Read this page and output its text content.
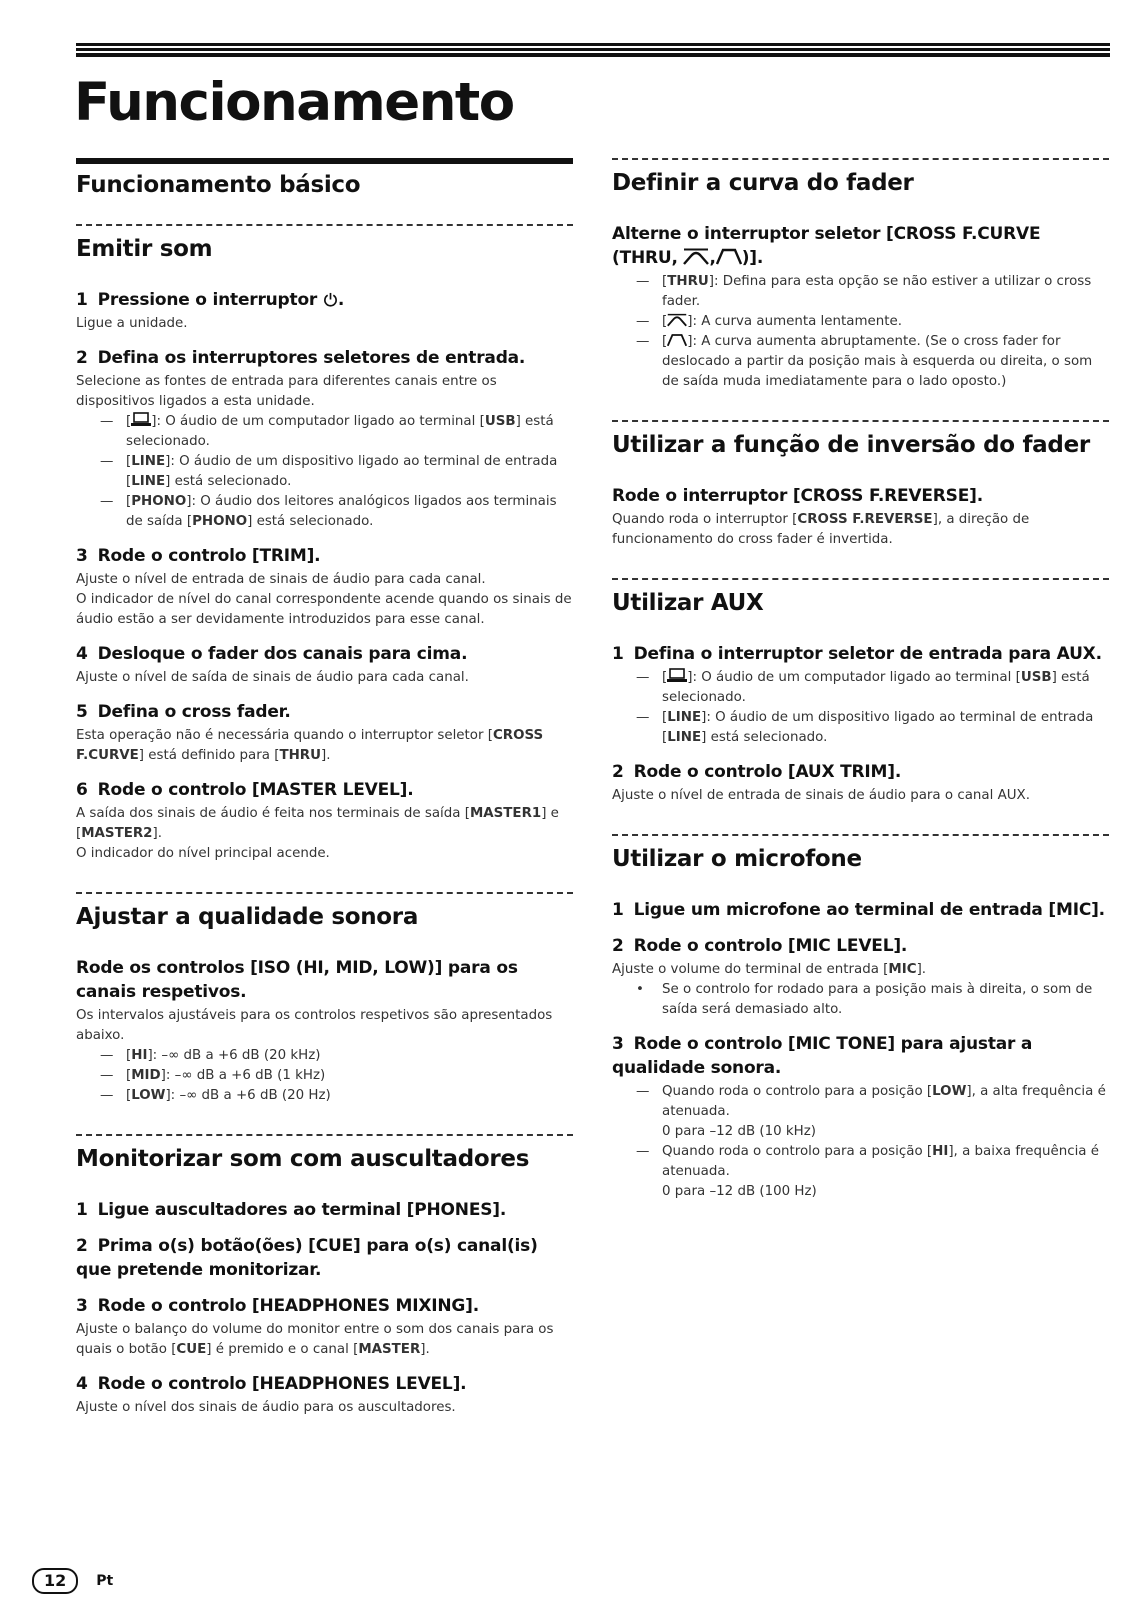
Funcionamento
Funcionamento básico
Emitir som
1 Pressione o interruptor .

Ligue a unidade.

2 Defina os interruptores seletores de entrada.

Selecione as fontes de entrada para diferentes canais entre os dispositivos ligados a esta unidade.

— [ ]: O áudio de um computador ligado ao terminal [USB] está selecionado.
— [LINE]: O áudio de um dispositivo ligado ao terminal de entrada [LINE] está selecionado.
— [PHONO]: O áudio dos leitores analógicos ligados aos terminais de saída [PHONO] está selecionado.
3 Rode o controlo [TRIM].

Ajuste o nível de entrada de sinais de áudio para cada canal.

O indicador de nível do canal correspondente acende quando os sinais de áudio estão a ser devidamente introduzidos para esse canal.

4 Desloque o fader dos canais para cima.

Ajuste o nível de saída de sinais de áudio para cada canal.

5 Defina o cross fader.

Esta operação não é necessária quando o interruptor seletor [CROSS F.CURVE] está definido para [THRU].

6 Rode o controlo [MASTER LEVEL].

A saída dos sinais de áudio é feita nos terminais de saída [MASTER1] e [MASTER2].

O indicador do nível principal acende.

Ajustar a qualidade sonora
Rode os controlos [ISO (HI, MID, LOW)] para os canais respetivos.

Os intervalos ajustáveis para os controlos respetivos são apresentados abaixo.

— [HI]: –∞ dB a +6 dB (20 kHz)
— [MID]: –∞ dB a +6 dB (1 kHz)
— [LOW]: –∞ dB a +6 dB (20 Hz)
Monitorizar som com auscultadores
1 Ligue auscultadores ao terminal [PHONES].
2 Prima o(s) botão(ões) [CUE] para o(s) canal(is) que pretende monitorizar.
3 Rode o controlo [HEADPHONES MIXING].

Ajuste o balanço do volume do monitor entre o som dos canais para os quais o botão [CUE] é premido e o canal [MASTER].

4 Rode o controlo [HEADPHONES LEVEL].

Ajuste o nível dos sinais de áudio para os auscultadores.

Definir a curva do fader
Alterne o interruptor seletor [CROSS F.CURVE (THRU, , )].
— [THRU]: Defina para esta opção se não estiver a utilizar o cross fader.
— [ ]: A curva aumenta lentamente.
— [ ]: A curva aumenta abruptamente. (Se o cross fader for deslocado a partir da posição mais à esquerda ou direita, o som de saída muda imediatamente para o lado oposto.)
Utilizar a função de inversão do fader
Rode o interruptor [CROSS F.REVERSE].

Quando roda o interruptor [CROSS F.REVERSE], a direção de funcionamento do cross fader é invertida.

Utilizar AUX
1 Defina o interruptor seletor de entrada para AUX.
— [ ]: O áudio de um computador ligado ao terminal [USB] está selecionado.
— [LINE]: O áudio de um dispositivo ligado ao terminal de entrada [LINE] está selecionado.
2 Rode o controlo [AUX TRIM].

Ajuste o nível de entrada de sinais de áudio para o canal AUX.

Utilizar o microfone
1 Ligue um microfone ao terminal de entrada [MIC].
2 Rode o controlo [MIC LEVEL].

Ajuste o volume do terminal de entrada [MIC].

• Se o controlo for rodado para a posição mais à direita, o som de saída será demasiado alto.
3 Rode o controlo [MIC TONE] para ajustar a qualidade sonora.
— Quando roda o controlo para a posição [LOW], a alta frequência é atenuada.
0 para –12 dB (10 kHz)
— Quando roda o controlo para a posição [HI], a baixa frequência é atenuada.
0 para –12 dB (100 Hz)
12	Pt
